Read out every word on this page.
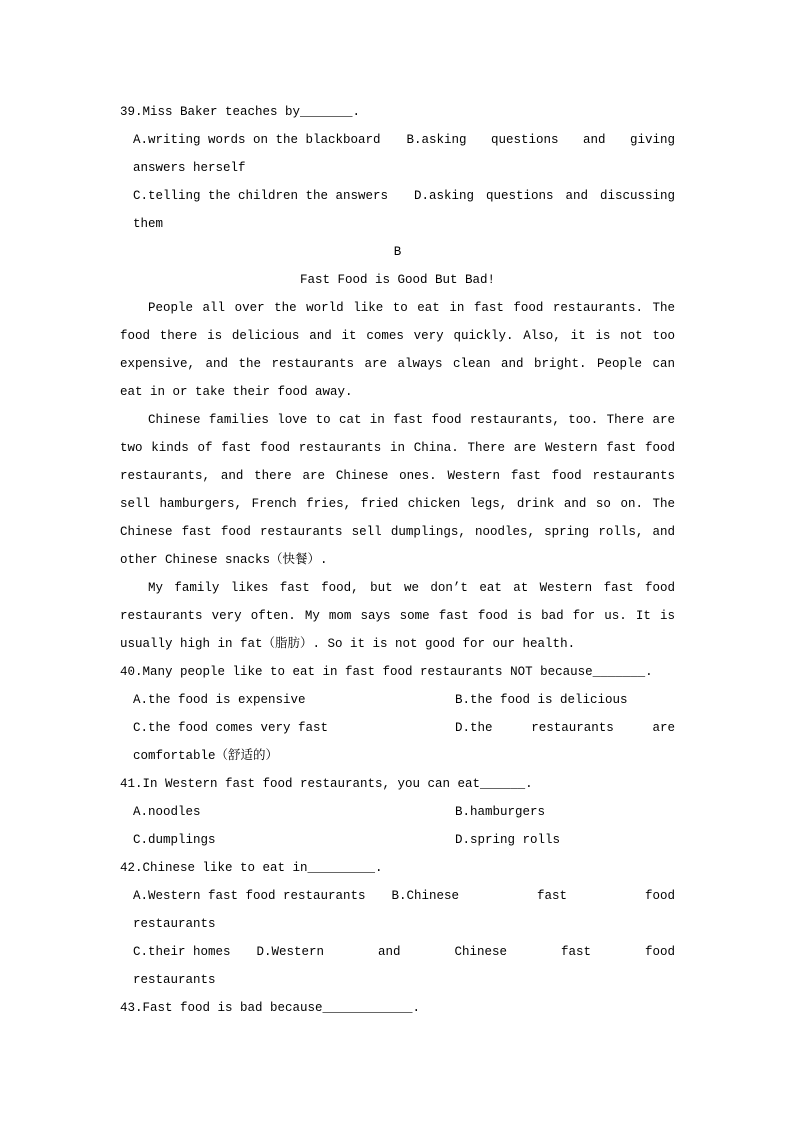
39.Miss Baker teaches by_______.
A.writing words on the blackboard	B.asking questions and giving
answers herself
C.telling the children the answers	D.asking questions and discussing
them
B
Fast Food is Good But Bad!

People all over the world like to eat in fast food restaurants. The food there is delicious and it comes very quickly. Also, it is not too expensive, and the restaurants are always clean and bright. People can eat in or take their food away.

Chinese families love to cat in fast food restaurants, too. There are two kinds of fast food restaurants in China. There are Western fast food restaurants, and there are Chinese ones. Western fast food restaurants sell hamburgers, French fries, fried chicken legs, drink and so on. The Chinese fast food restaurants sell dumplings, noodles, spring rolls, and other Chinese snacks（快餐）.

My family likes fast food, but we don’t eat at Western fast food restaurants very often. My mom says some fast food is bad for us. It is usually high in fat（脂肪）. So it is not good for our health.

40.Many people like to eat in fast food restaurants NOT because_______.
A.the food is expensive	B.the food is delicious
C.the food comes very fast	D.the restaurants are
comfortable（舒适的）
41.In Western fast food restaurants, you can eat______.
A.noodles	B.hamburgers
C.dumplings	D.spring rolls
42.Chinese like to eat in_________.
A.Western fast food restaurants	B.Chinese fast food
restaurants
C.their homes	D.Western and Chinese fast food
restaurants
43.Fast food is bad because____________.
